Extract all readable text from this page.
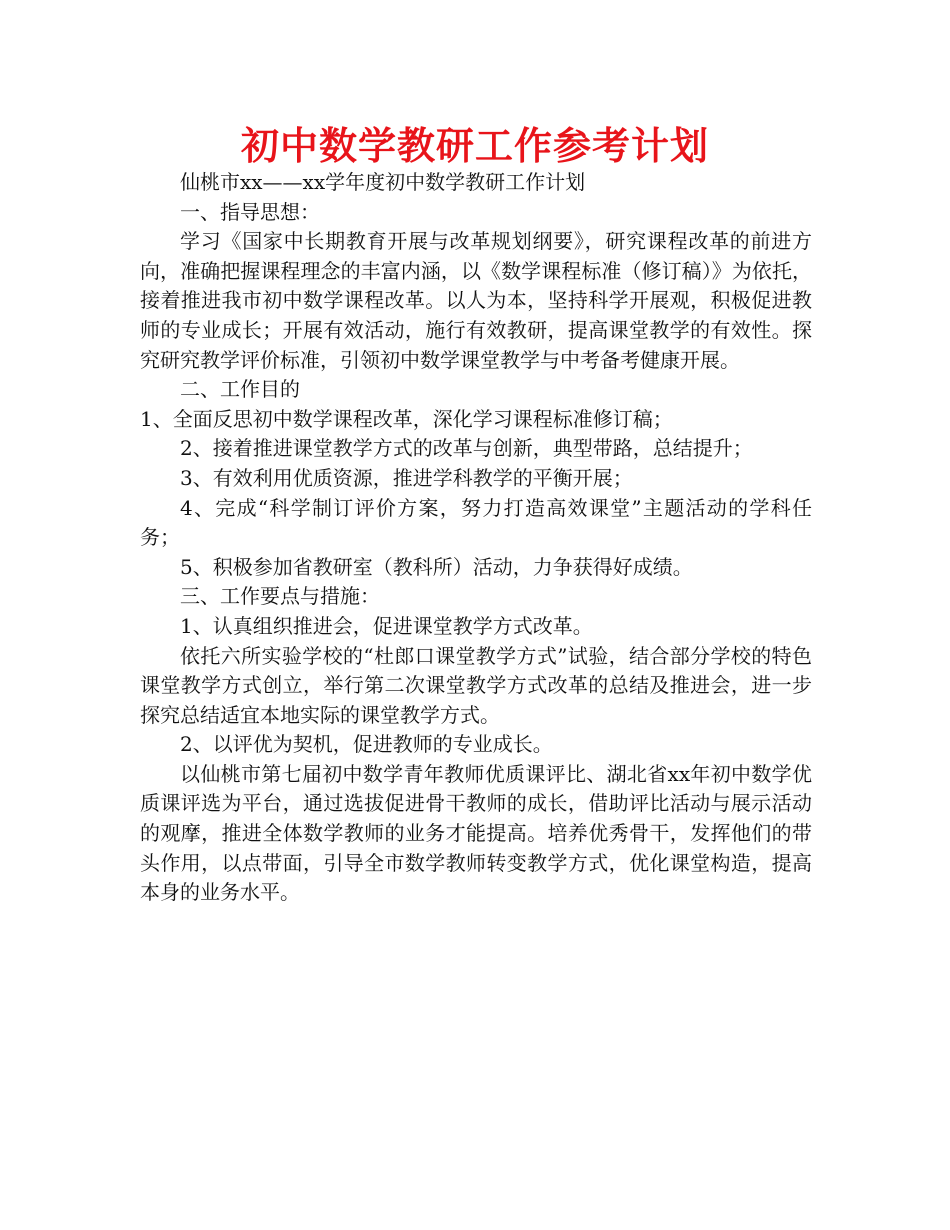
初中数学教研工作参考计划

仙桃市xx——xx学年度初中数学教研工作计划

一、指导思想：

学习《国家中长期教育开展与改革规划纲要》，研究课程改革的前进方向，准确把握课程理念的丰富内涵，以《数学课程标准（修订稿）》为依托，接着推进我市初中数学课程改革。以人为本，坚持科学开展观，积极促进教师的专业成长；开展有效活动，施行有效教研，提高课堂教学的有效性。探究研究教学评价标准，引领初中数学课堂教学与中考备考健康开展。

二、工作目的

1、全面反思初中数学课程改革，深化学习课程标准修订稿；

2、接着推进课堂教学方式的改革与创新，典型带路，总结提升；

3、有效利用优质资源，推进学科教学的平衡开展；

4、完成“科学制订评价方案，努力打造高效课堂”主题活动的学科任务；

5、积极参加省教研室（教科所）活动，力争获得好成绩。

三、工作要点与措施：

1、认真组织推进会，促进课堂教学方式改革。

依托六所实验学校的“杜郎口课堂教学方式”试验，结合部分学校的特色课堂教学方式创立，举行第二次课堂教学方式改革的总结及推进会，进一步探究总结适宜本地实际的课堂教学方式。

2、以评优为契机，促进教师的专业成长。

以仙桃市第七届初中数学青年教师优质课评比、湖北省xx年初中数学优质课评选为平台，通过选拔促进骨干教师的成长，借助评比活动与展示活动的观摩，推进全体数学教师的业务才能提高。培养优秀骨干，发挥他们的带头作用，以点带面，引导全市数学教师转变教学方式，优化课堂构造，提高本身的业务水平。
